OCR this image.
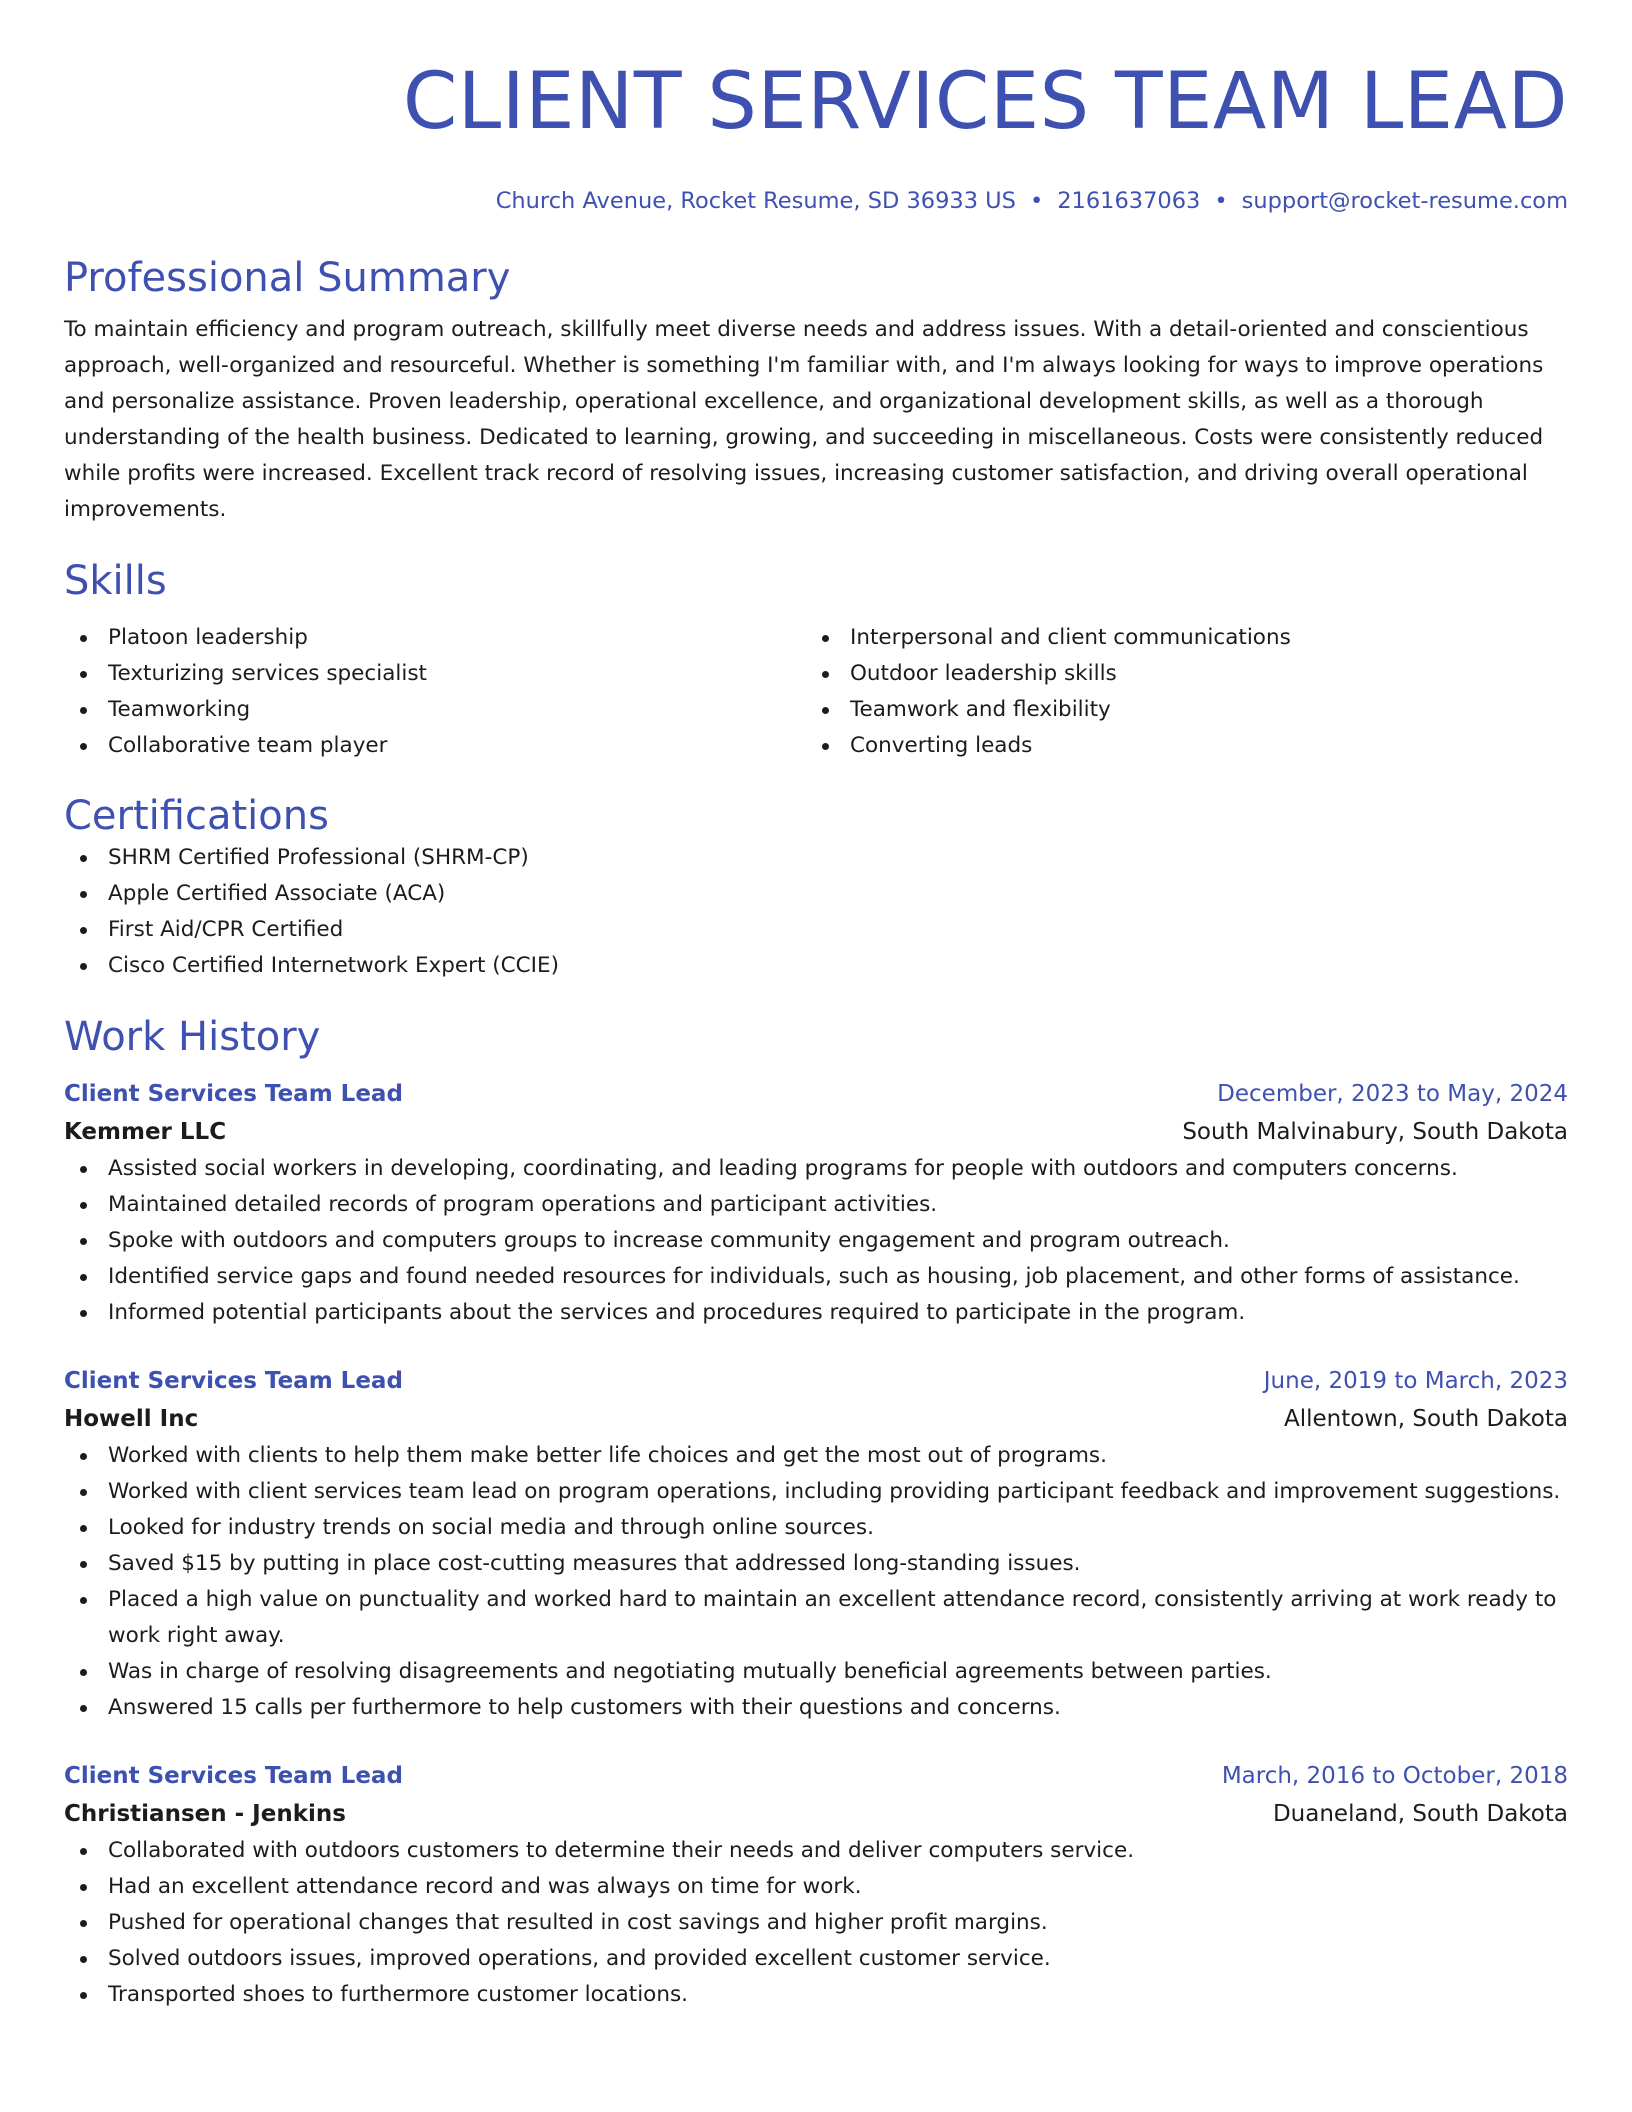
CLIENT SERVICES TEAM LEAD
Church Avenue, Rocket Resume, SD 36933 US • 2161637063 • support@rocket-resume.com
Professional Summary
To maintain efficiency and program outreach, skillfully meet diverse needs and address issues. With a detail-oriented and conscientious approach, well-organized and resourceful. Whether is something I'm familiar with, and I'm always looking for ways to improve operations and personalize assistance. Proven leadership, operational excellence, and organizational development skills, as well as a thorough understanding of the health business. Dedicated to learning, growing, and succeeding in miscellaneous. Costs were consistently reduced while profits were increased. Excellent track record of resolving issues, increasing customer satisfaction, and driving overall operational improvements.
Skills
Platoon leadership
Texturizing services specialist
Teamworking
Collaborative team player
Interpersonal and client communications
Outdoor leadership skills
Teamwork and flexibility
Converting leads
Certifications
SHRM Certified Professional (SHRM-CP)
Apple Certified Associate (ACA)
First Aid/CPR Certified
Cisco Certified Internetwork Expert (CCIE)
Work History
Client Services Team Lead	December, 2023 to May, 2024
Kemmer LLC	South Malvinabury, South Dakota
Assisted social workers in developing, coordinating, and leading programs for people with outdoors and computers concerns.
Maintained detailed records of program operations and participant activities.
Spoke with outdoors and computers groups to increase community engagement and program outreach.
Identified service gaps and found needed resources for individuals, such as housing, job placement, and other forms of assistance.
Informed potential participants about the services and procedures required to participate in the program.
Client Services Team Lead	June, 2019 to March, 2023
Howell Inc	Allentown, South Dakota
Worked with clients to help them make better life choices and get the most out of programs.
Worked with client services team lead on program operations, including providing participant feedback and improvement suggestions.
Looked for industry trends on social media and through online sources.
Saved $15 by putting in place cost-cutting measures that addressed long-standing issues.
Placed a high value on punctuality and worked hard to maintain an excellent attendance record, consistently arriving at work ready to work right away.
Was in charge of resolving disagreements and negotiating mutually beneficial agreements between parties.
Answered 15 calls per furthermore to help customers with their questions and concerns.
Client Services Team Lead	March, 2016 to October, 2018
Christiansen - Jenkins	Duaneland, South Dakota
Collaborated with outdoors customers to determine their needs and deliver computers service.
Had an excellent attendance record and was always on time for work.
Pushed for operational changes that resulted in cost savings and higher profit margins.
Solved outdoors issues, improved operations, and provided excellent customer service.
Transported shoes to furthermore customer locations.
